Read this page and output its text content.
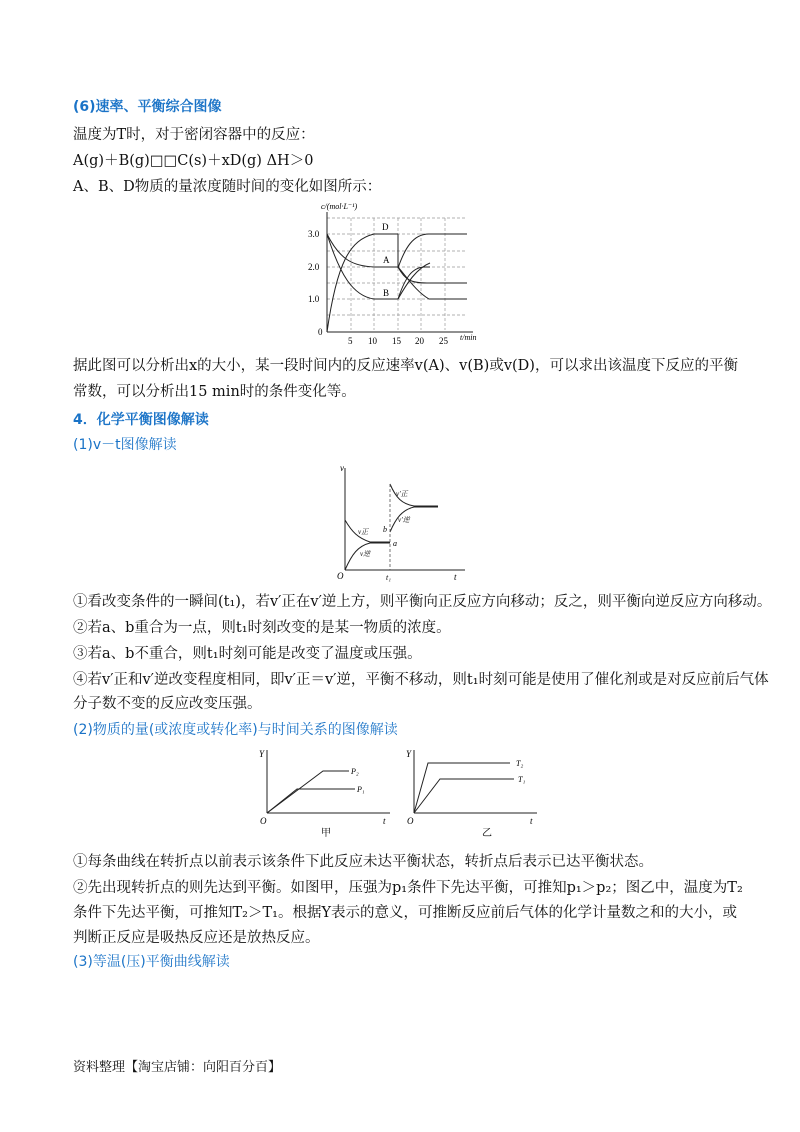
(6)速率、平衡综合图像
温度为T时，对于密闭容器中的反应：
A(g)＋B(g)□□C(s)＋xD(g) ΔH＞0
A、B、D物质的量浓度随时间的变化如图所示：
c/(mol·L⁻¹)
t/min
3.0
2.0
1.0
0
5 10 15 20 25
D
A
B
据此图可以分析出x的大小，某一段时间内的反应速率v(A)、v(B)或v(D)，可以求出该温度下反应的平衡
常数，可以分析出15 min时的条件变化等。
4．化学平衡图像解读
(1)v－t图像解读
v
t
O	t₁
v正
v逆
v′正
v′逆
a
b
①看改变条件的一瞬间(t₁)，若v′正在v′逆上方，则平衡向正反应方向移动；反之，则平衡向逆反应方向移动。
②若a、b重合为一点，则t₁时刻改变的是某一物质的浓度。
③若a、b不重合，则t₁时刻可能是改变了温度或压强。
④若v′正和v′逆改变程度相同，即v′正＝v′逆，平衡不移动，则t₁时刻可能是使用了催化剂或是对反应前后气体
分子数不变的反应改变压强。
(2)物质的量(或浓度或转化率)与时间关系的图像解读
Y
t
O
P₁
P₂
甲
Y
t
O
T₂
T₁
乙
①每条曲线在转折点以前表示该条件下此反应未达平衡状态，转折点后表示已达平衡状态。
②先出现转折点的则先达到平衡。如图甲，压强为p₁条件下先达平衡，可推知p₁＞p₂；图乙中，温度为T₂
条件下先达平衡，可推知T₂＞T₁。根据Y表示的意义，可推断反应前后气体的化学计量数之和的大小，或
判断正反应是吸热反应还是放热反应。
(3)等温(压)平衡曲线解读
资料整理【淘宝店铺：向阳百分百】
